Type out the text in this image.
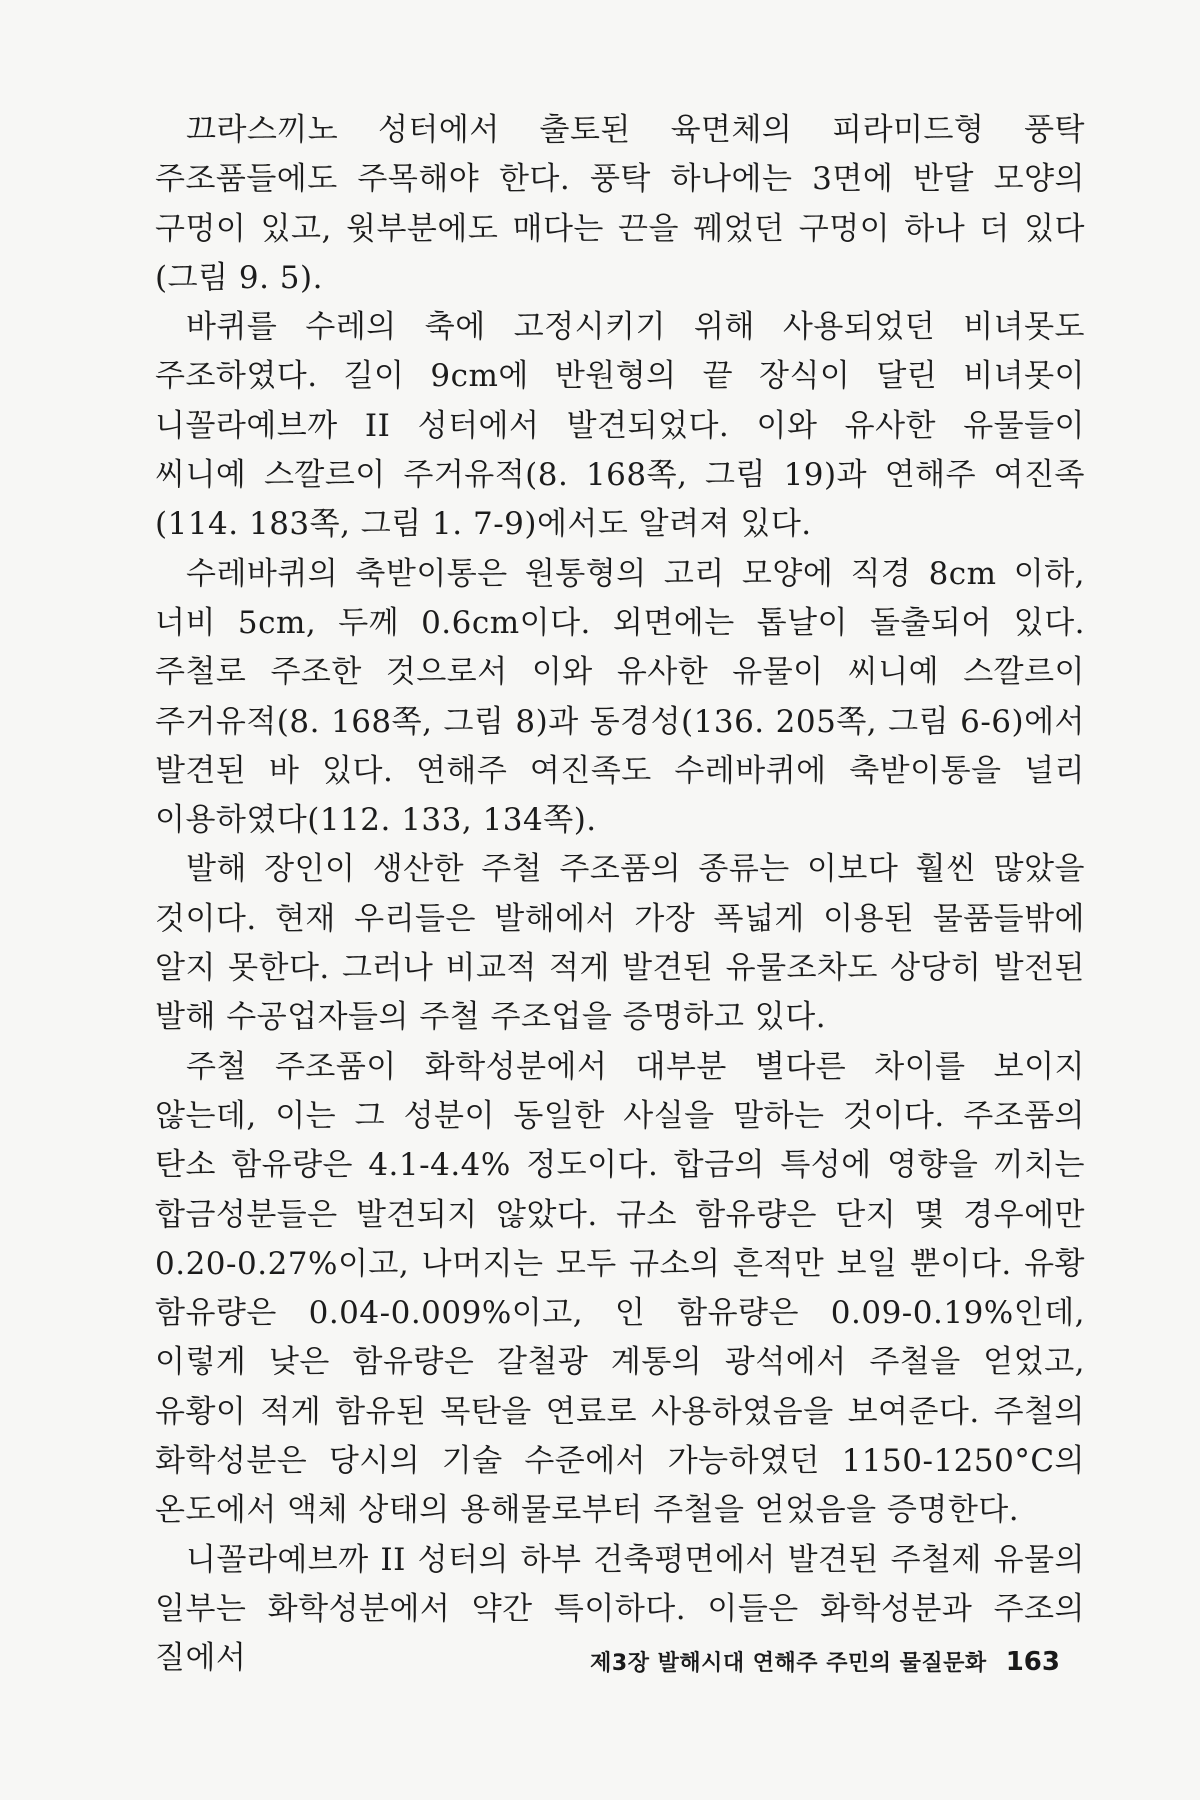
끄라스끼노 성터에서 출토된 육면체의 피라미드형 풍탁 주조품들에도 주목해야 한다. 풍탁 하나에는 3면에 반달 모양의 구멍이 있고, 윗부분에도 매다는 끈을 꿰었던 구멍이 하나 더 있다(그림 9. 5).

바퀴를 수레의 축에 고정시키기 위해 사용되었던 비녀못도 주조하였다. 길이 9cm에 반원형의 끝 장식이 달린 비녀못이 니꼴라예브까 II 성터에서 발견되었다. 이와 유사한 유물들이 씨니예 스깔르이 주거유적(8. 168쪽, 그림 19)과 연해주 여진족(114. 183쪽, 그림 1. 7-9)에서도 알려져 있다.

수레바퀴의 축받이통은 원통형의 고리 모양에 직경 8cm 이하, 너비 5cm, 두께 0.6cm이다. 외면에는 톱날이 돌출되어 있다. 주철로 주조한 것으로서 이와 유사한 유물이 씨니예 스깔르이 주거유적(8. 168쪽, 그림 8)과 동경성(136. 205쪽, 그림 6-6)에서 발견된 바 있다. 연해주 여진족도 수레바퀴에 축받이통을 널리 이용하였다(112. 133, 134쪽).

발해 장인이 생산한 주철 주조품의 종류는 이보다 훨씬 많았을 것이다. 현재 우리들은 발해에서 가장 폭넓게 이용된 물품들밖에 알지 못한다. 그러나 비교적 적게 발견된 유물조차도 상당히 발전된 발해 수공업자들의 주철 주조업을 증명하고 있다.

주철 주조품이 화학성분에서 대부분 별다른 차이를 보이지 않는데, 이는 그 성분이 동일한 사실을 말하는 것이다. 주조품의 탄소 함유량은 4.1-4.4% 정도이다. 합금의 특성에 영향을 끼치는 합금성분들은 발견되지 않았다. 규소 함유량은 단지 몇 경우에만 0.20-0.27%이고, 나머지는 모두 규소의 흔적만 보일 뿐이다. 유황 함유량은 0.04-0.009%이고, 인 함유량은 0.09-0.19%인데, 이렇게 낮은 함유량은 갈철광 계통의 광석에서 주철을 얻었고, 유황이 적게 함유된 목탄을 연료로 사용하였음을 보여준다. 주철의 화학성분은 당시의 기술 수준에서 가능하였던 1150-1250°C의 온도에서 액체 상태의 용해물로부터 주철을 얻었음을 증명한다.

니꼴라예브까 II 성터의 하부 건축평면에서 발견된 주철제 유물의 일부는 화학성분에서 약간 특이하다. 이들은 화학성분과 주조의 질에서	제3장 발해시대 연해주 주민의 물질문화 163
